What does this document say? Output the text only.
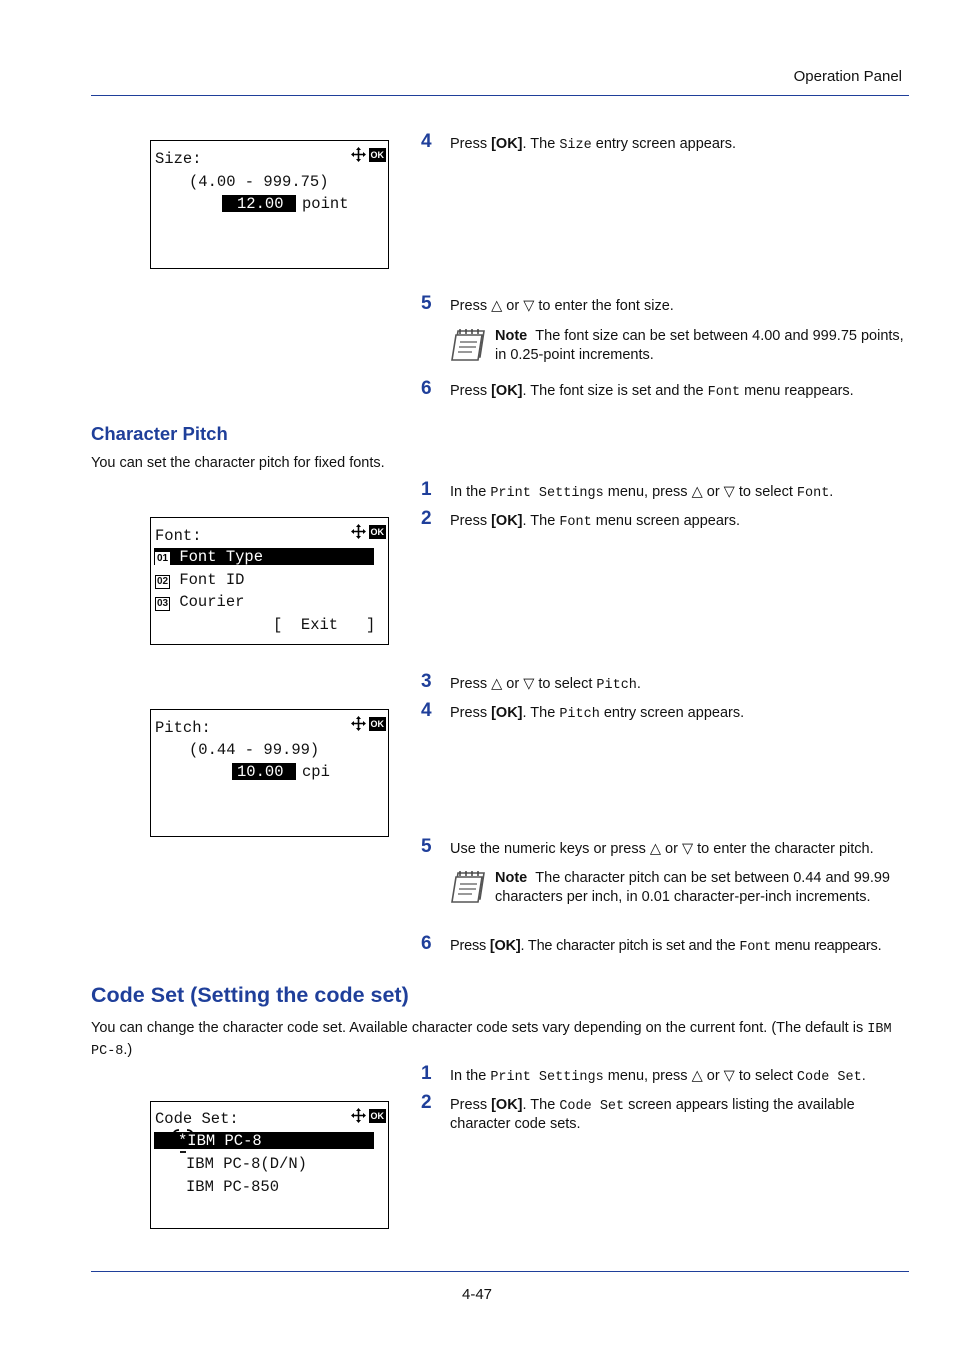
Operation Panel
Size:	OK
(4.00 - 999.75)
12.00 point
4 Press [OK]. The Size entry screen appears.
5 Press △ or ▽ to enter the font size.
Note The font size can be set between 4.00 and 999.75 points, in 0.25-point increments.
6 Press [OK]. The font size is set and the Font menu reappears.
Character Pitch
You can set the character pitch for fixed fonts.
1 In the Print Settings menu, press △ or ▽ to select Font.
2 Press [OK]. The Font menu screen appears.
Font:	OK
01 Font Type
02 Font ID
03 Courier
[  Exit   ]
3 Press △ or ▽ to select Pitch.
4 Press [OK]. The Pitch entry screen appears.
Pitch:	OK
(0.44 - 99.99)
10.00 cpi
5 Use the numeric keys or press △ or ▽ to enter the character pitch.
Note The character pitch can be set between 0.44 and 99.99 characters per inch, in 0.01 character-per-inch increments.
6 Press [OK]. The character pitch is set and the Font menu reappears.
Code Set (Setting the code set)
You can change the character code set. Available character code sets vary depending on the current font. (The default is IBM PC-8.)
1 In the Print Settings menu, press △ or ▽ to select Code Set.
2 Press [OK]. The Code Set screen appears listing the available
character code sets.
Code Set:	OK
*IBM PC-8
IBM PC-8(D/N)
IBM PC-850
4-47
